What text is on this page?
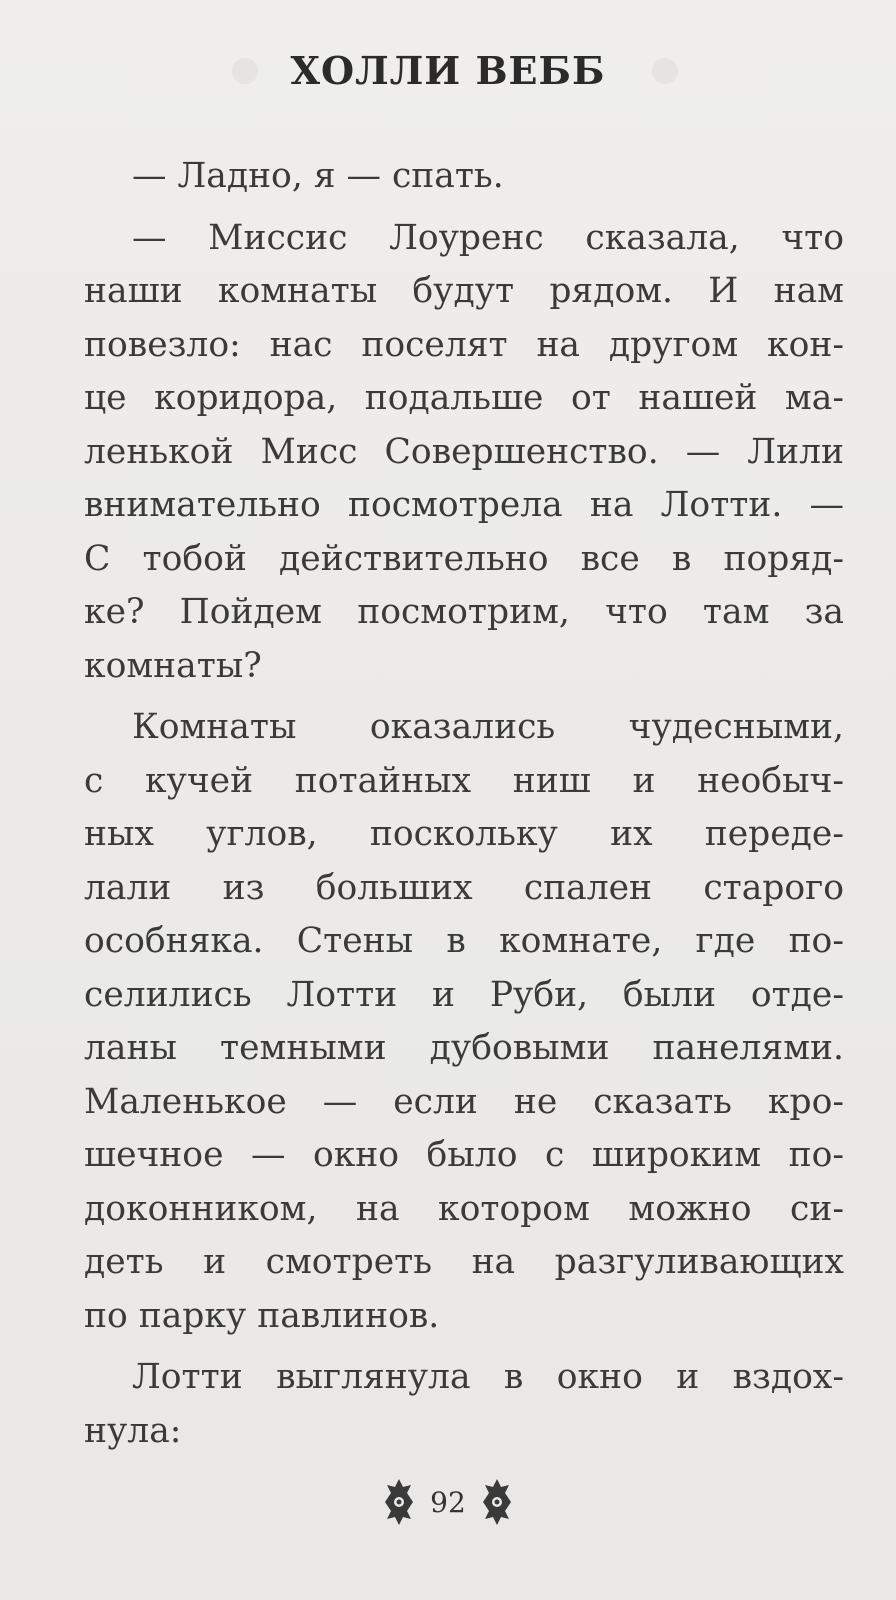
ХОЛЛИ ВЕББ
— Ладно, я — спать.
— Миссис Лоуренс сказала, что
наши комнаты будут рядом. И нам
повезло: нас поселят на другом кон-
це коридора, подальше от нашей ма-
ленькой Мисс Совершенство. — Лили
внимательно посмотрела на Лотти. —
С тобой действительно все в поряд-
ке? Пойдем посмотрим, что там за
комнаты?
Комнаты оказались чудесными,
с кучей потайных ниш и необыч-
ных углов, поскольку их переде-
лали из больших спален старого
особняка. Стены в комнате, где по-
селились Лотти и Руби, были отде-
ланы темными дубовыми панелями.
Маленькое — если не сказать кро-
шечное — окно было с широким по-
доконником, на котором можно си-
деть и смотреть на разгуливающих
по парку павлинов.
Лотти выглянула в окно и вздох-
нула:
92
